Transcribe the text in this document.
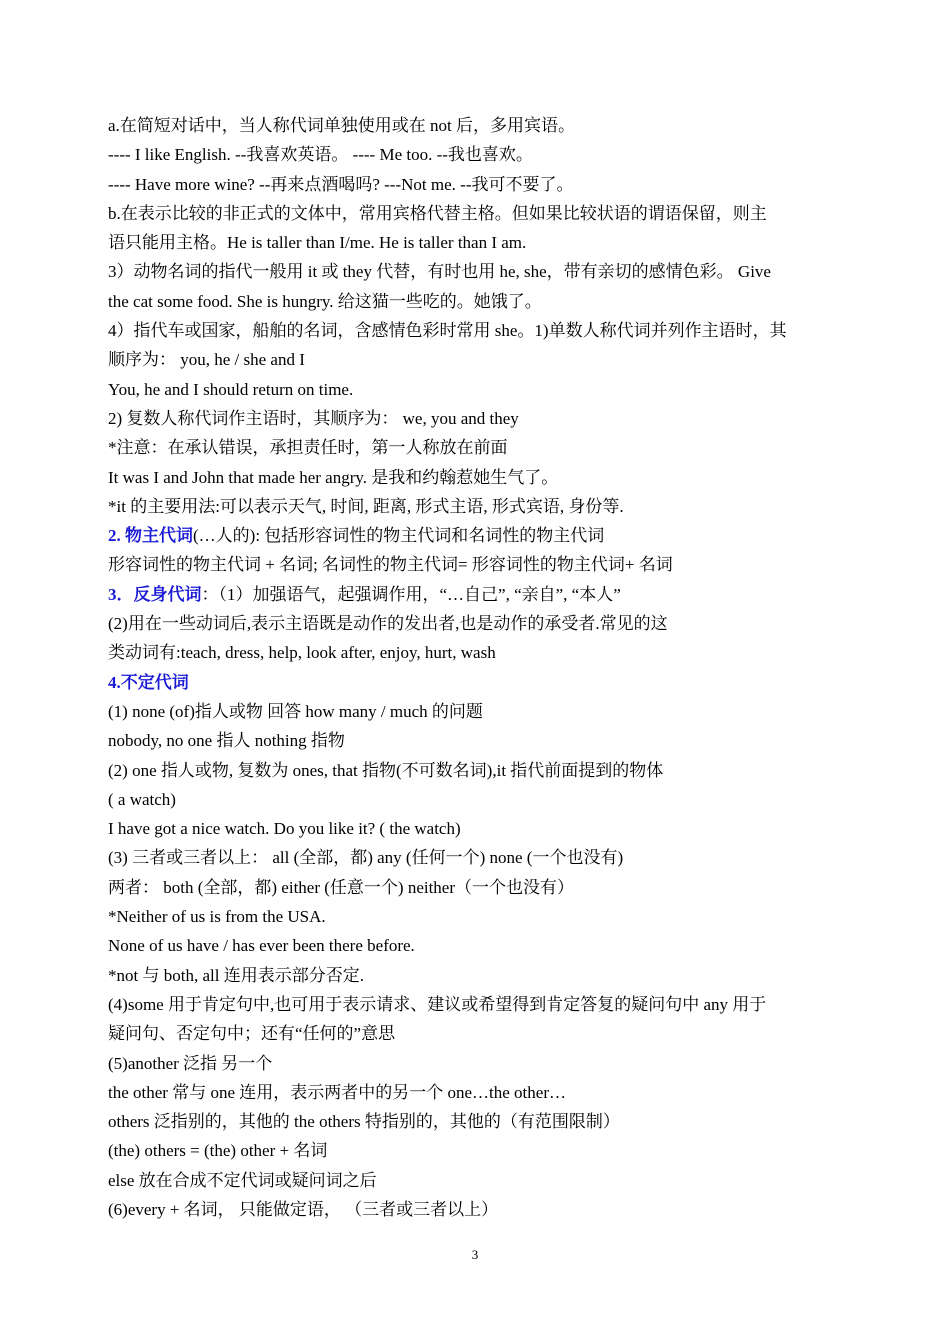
a.在简短对话中，当人称代词单独使用或在 not 后，多用宾语。

---- I like English. --我喜欢英语。 ---- Me too. --我也喜欢。

---- Have more wine? --再来点酒喝吗? ---Not me. --我可不要了。

b.在表示比较的非正式的文体中，常用宾格代替主格。但如果比较状语的谓语保留，则主

语只能用主格。He is taller than I/me. He is taller than I am.

3）动物名词的指代一般用 it 或 they 代替，有时也用 he, she，带有亲切的感情色彩。 Give

the cat some food. She is hungry. 给这猫一些吃的。她饿了。

4）指代车或国家，船舶的名词，含感情色彩时常用 she。1)单数人称代词并列作主语时，其

顺序为： you, he / she and I

You, he and I should return on time.

2) 复数人称代词作主语时，其顺序为： we, you and they

*注意：在承认错误，承担责任时，第一人称放在前面

It was I and John that made her angry. 是我和约翰惹她生气了。

*it 的主要用法:可以表示天气, 时间, 距离, 形式主语, 形式宾语, 身份等.

2. 物主代词(…人的): 包括形容词性的物主代词和名词性的物主代词

形容词性的物主代词 + 名词; 名词性的物主代词= 形容词性的物主代词+ 名词

3．反身代词：（1）加强语气，起强调作用，“…自己”, “亲自”, “本人”

(2)用在一些动词后,表示主语既是动作的发出者,也是动作的承受者.常见的这

类动词有:teach, dress, help, look after, enjoy, hurt, wash

4.不定代词

(1) none (of)指人或物 回答 how many / much 的问题

nobody, no one 指人 nothing 指物

(2) one 指人或物, 复数为 ones, that 指物(不可数名词),it 指代前面提到的物体

( a watch)

I have got a nice watch. Do you like it? ( the watch)

(3) 三者或三者以上： all (全部，都) any (任何一个) none (一个也没有)

两者： both (全部，都) either (任意一个) neither（一个也没有）

*Neither of us is from the USA.

None of us have / has ever been there before.

*not 与 both, all 连用表示部分否定.

(4)some 用于肯定句中,也可用于表示请求、建议或希望得到肯定答复的疑问句中 any 用于

疑问句、否定句中；还有“任何的”意思

(5)another 泛指 另一个

the other 常与 one 连用，表示两者中的另一个 one…the other…

others 泛指别的，其他的 the others 特指别的，其他的（有范围限制）

(the) others = (the) other + 名词

else 放在合成不定代词或疑问词之后

(6)every + 名词， 只能做定语， （三者或三者以上）

3
